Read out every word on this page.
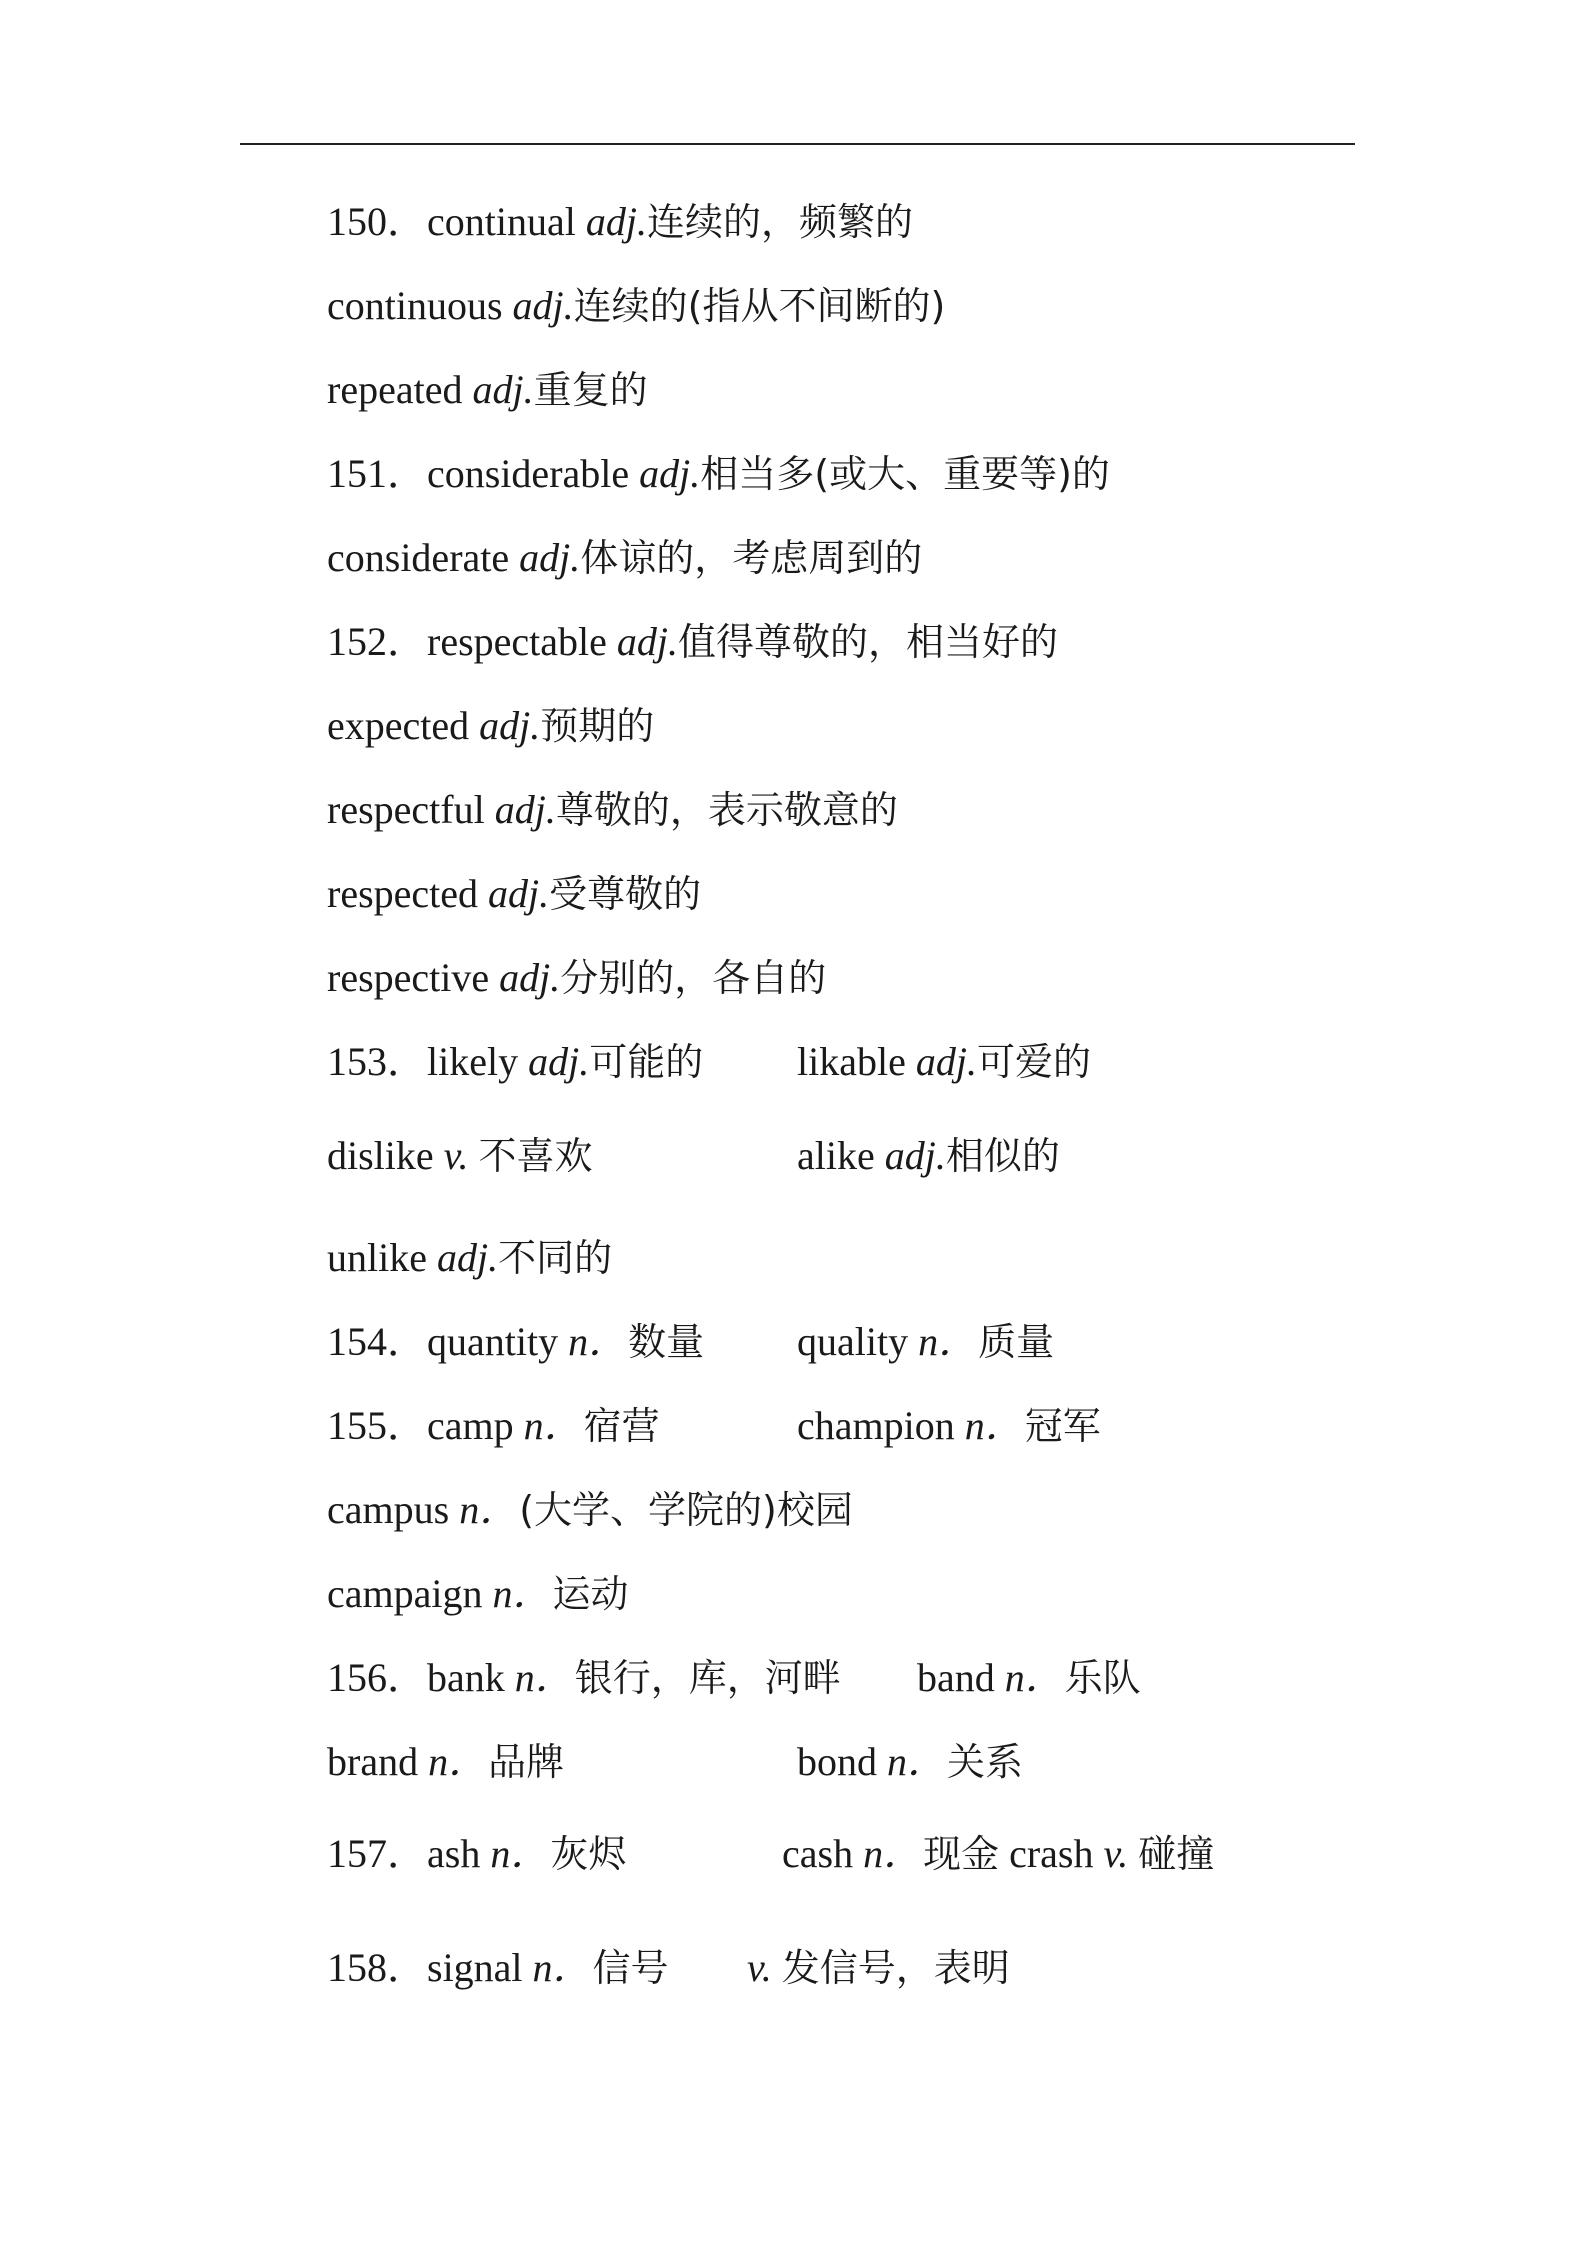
150．continual adj.连续的，频繁的
continuous adj.连续的(指从不间断的)
repeated adj.重复的
151．considerable adj.相当多(或大、重要等)的
considerate adj.体谅的，考虑周到的
152．respectable adj.值得尊敬的，相当好的
expected adj.预期的
respectful adj.尊敬的，表示敬意的
respected adj.受尊敬的
respective adj.分别的，各自的
153．likely adj.可能的 likable adj.可爱的
dislike v. 不喜欢	alike adj.相似的
unlike adj.不同的
154．quantity n．数量 quality n．质量
155．camp n．宿营	champion n．冠军
campus n．(大学、学院的)校园
campaign n．运动
156．bank n．银行，库，河畔 band n．乐队
brand n．品牌	bond n．关系
157．ash n．灰烬	cash n．现金 crash v. 碰撞
158．signal n．信号 v. 发信号，表明
